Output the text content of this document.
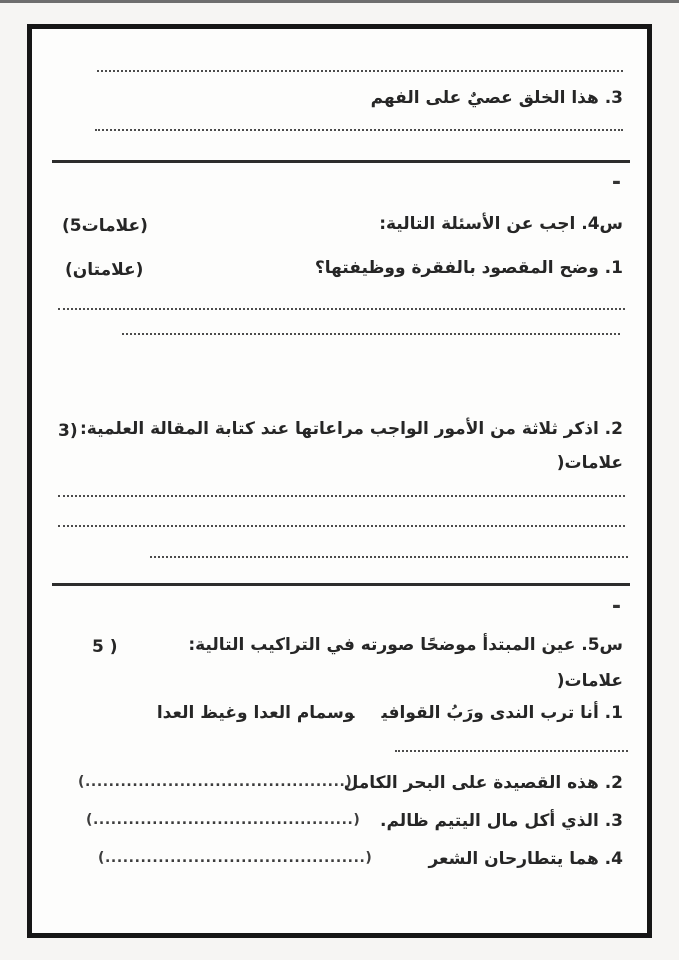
3. هذا الخلق عصيٌ على الفهم

-

س4. اجب عن الأسئلة التالية:

(5علامات)

1. وضح المقصود بالفقرة ووظيفتها؟

(علامتان)

2. اذكر ثلاثة من الأمور الواجب مراعاتها عند كتابة المقالة العلمية:

3)
)علامات
-

س5. عين المبتدأ موضحًا صورته في التراكيب التالية:

5 )
)علامات

1. أنا ترب الندى ورَبُ القوافيوسمام العدا وغيظ العدا

2. هذه القصيدة على البحر الكامل

(............................................)

3. الذي أكل مال اليتيم ظالم.

(............................................)

4. هما يتطارحان الشعر

(............................................)
